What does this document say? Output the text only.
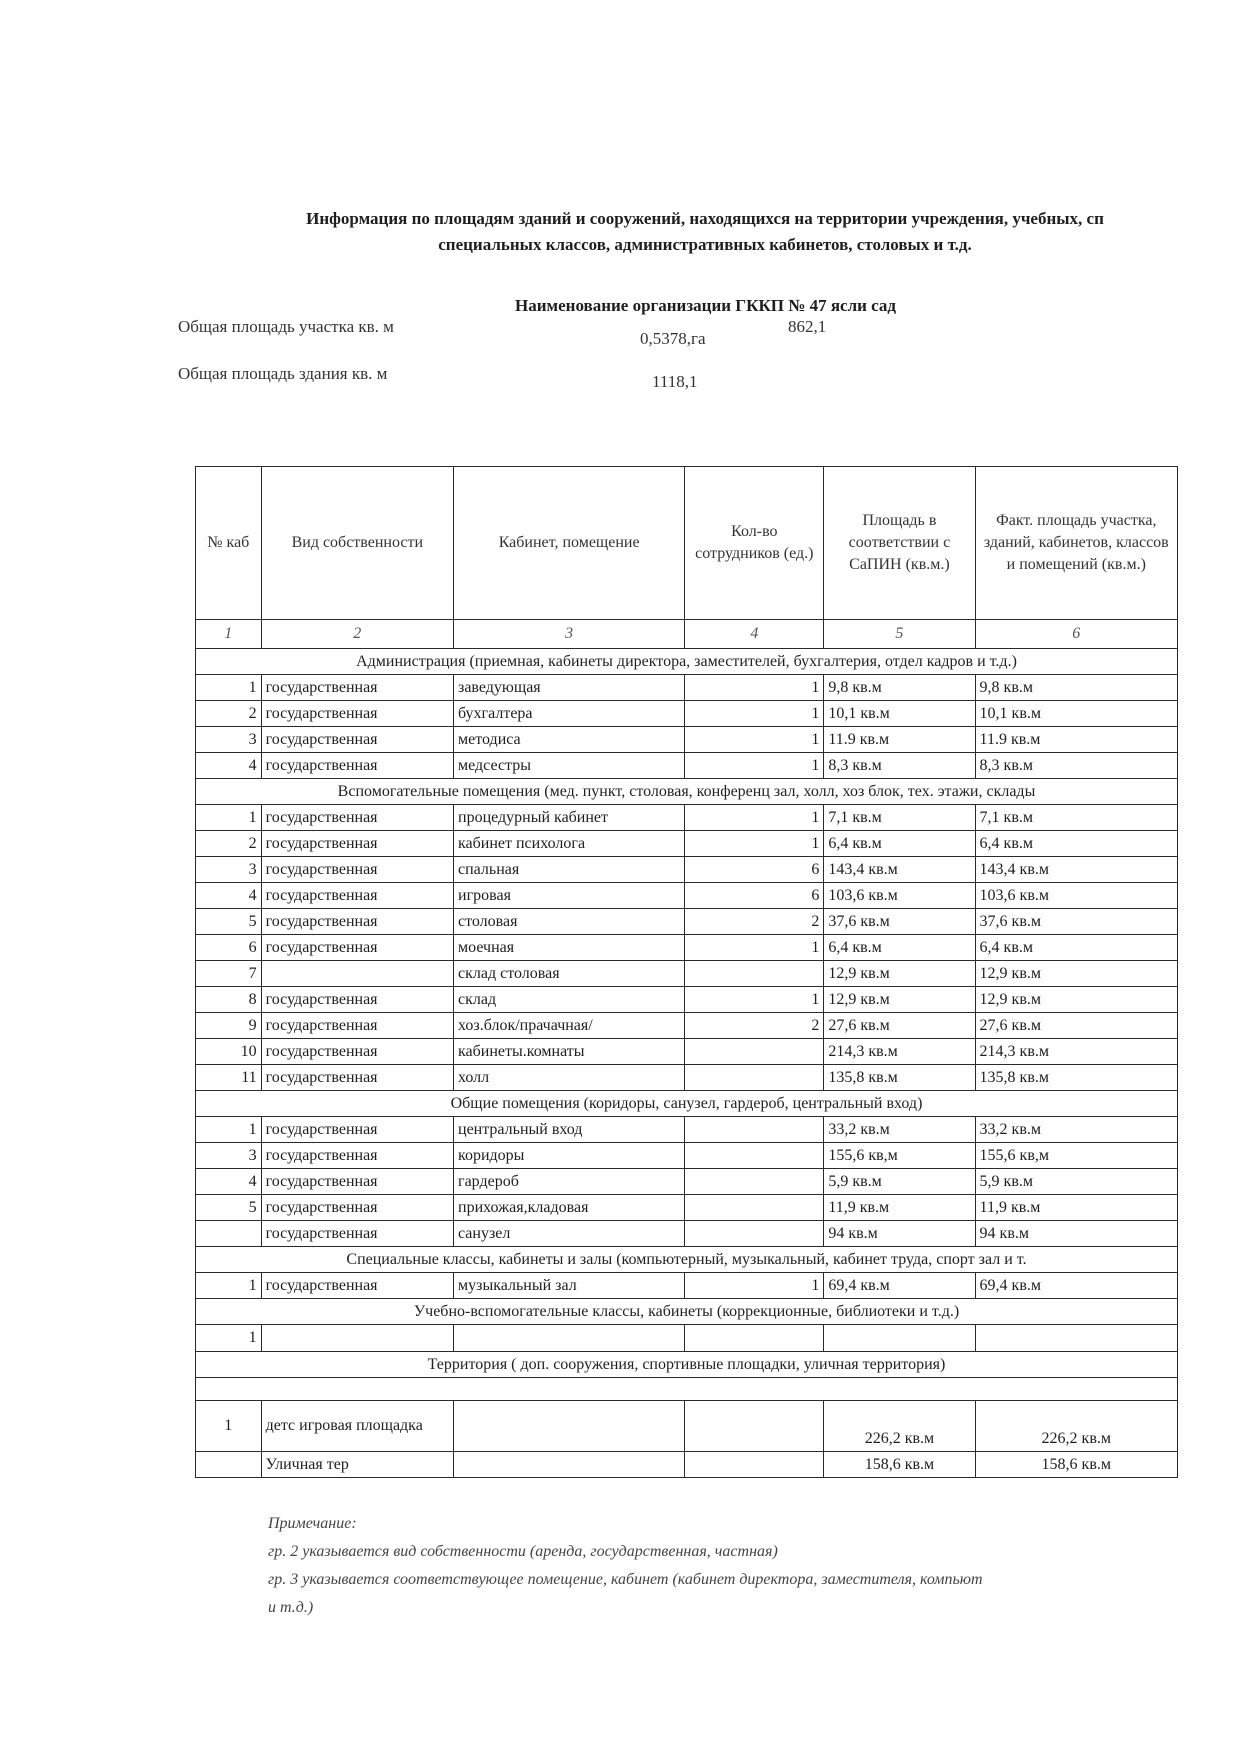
Информация по площадям зданий и сооружений, находящихся на территории учреждения, учебных, сп
специальных классов, административных кабинетов, столовых и т.д.
Наименование организации ГККП № 47 ясли сад
Общая площадь участка кв. м
0,5378,га
862,1
Общая площадь здания кв. м	1118,1
№ каб	Вид собственности	Кабинет, помещение	Кол-во сотрудников (ед.)	Площадь в соответствии с СаПИН (кв.м.)	Факт. площадь участка, зданий, кабинетов, классов и помещений (кв.м.)
1	2	3	4	5	6
Администрация (приемная, кабинеты директора, заместителей, бухгалтерия, отдел кадров и т.д.)					
1	государственная	заведующая	1	9,8 кв.м	9,8 кв.м
2	государственная	бухгалтера	1	10,1 кв.м	10,1 кв.м
3	государственная	методиса	1	11.9 кв.м	11.9 кв.м
4	государственная	медсестры	1	8,3 кв.м	8,3 кв.м
Вспомогательные помещения (мед. пункт, столовая, конференц зал, холл, хоз блок, тех. этажи, склады					
1	государственная	процедурный кабинет	1	7,1 кв.м	7,1 кв.м
2	государственная	кабинет психолога	1	6,4 кв.м	6,4 кв.м
3	государственная	спальная	6	143,4 кв.м	143,4 кв.м
4	государственная	игровая	6	103,6 кв.м	103,6 кв.м
5	государственная	столовая	2	37,6 кв.м	37,6 кв.м
6	государственная	моечная	1	6,4 кв.м	6,4 кв.м
7		склад столовая		12,9 кв.м	12,9 кв.м
8	государственная	склад	1	12,9 кв.м	12,9 кв.м
9	государственная	хоз.блок/прачачная/	2	27,6 кв.м	27,6 кв.м
10	государственная	кабинеты.комнаты		214,3 кв.м	214,3 кв.м
11	государственная	холл		135,8 кв.м	135,8 кв.м
Общие помещения (коридоры, санузел, гардероб, центральный вход)					
1	государственная	центральный вход		33,2 кв.м	33,2 кв.м
3	государственная	коридоры		155,6 кв,м	155,6 кв,м
4	государственная	гардероб		5,9 кв.м	5,9 кв.м
5	государственная	прихожая,кладовая		11,9 кв.м	11,9 кв.м
	государственная	санузел		94 кв.м	94 кв.м
Специальные классы, кабинеты и залы (компьютерный, музыкальный, кабинет труда, спорт зал и т.					
1	государственная	музыкальный зал	1	69,4 кв.м	69,4 кв.м
Учебно-вспомогательные классы, кабинеты (коррекционные, библиотеки и т.д.)					
1					
Территория ( доп. сооружения, спортивные площадки, уличная территория)					

1	детс игровая площадка			226,2 кв.м	226,2 кв.м
	Уличная тер			158,6 кв.м	158,6 кв.м
Примечание:
гр. 2 указывается вид собственности (аренда, государственная, частная)
гр. 3 указывается соответствующее помещение, кабинет (кабинет директора, заместителя, компьют
и т.д.)
